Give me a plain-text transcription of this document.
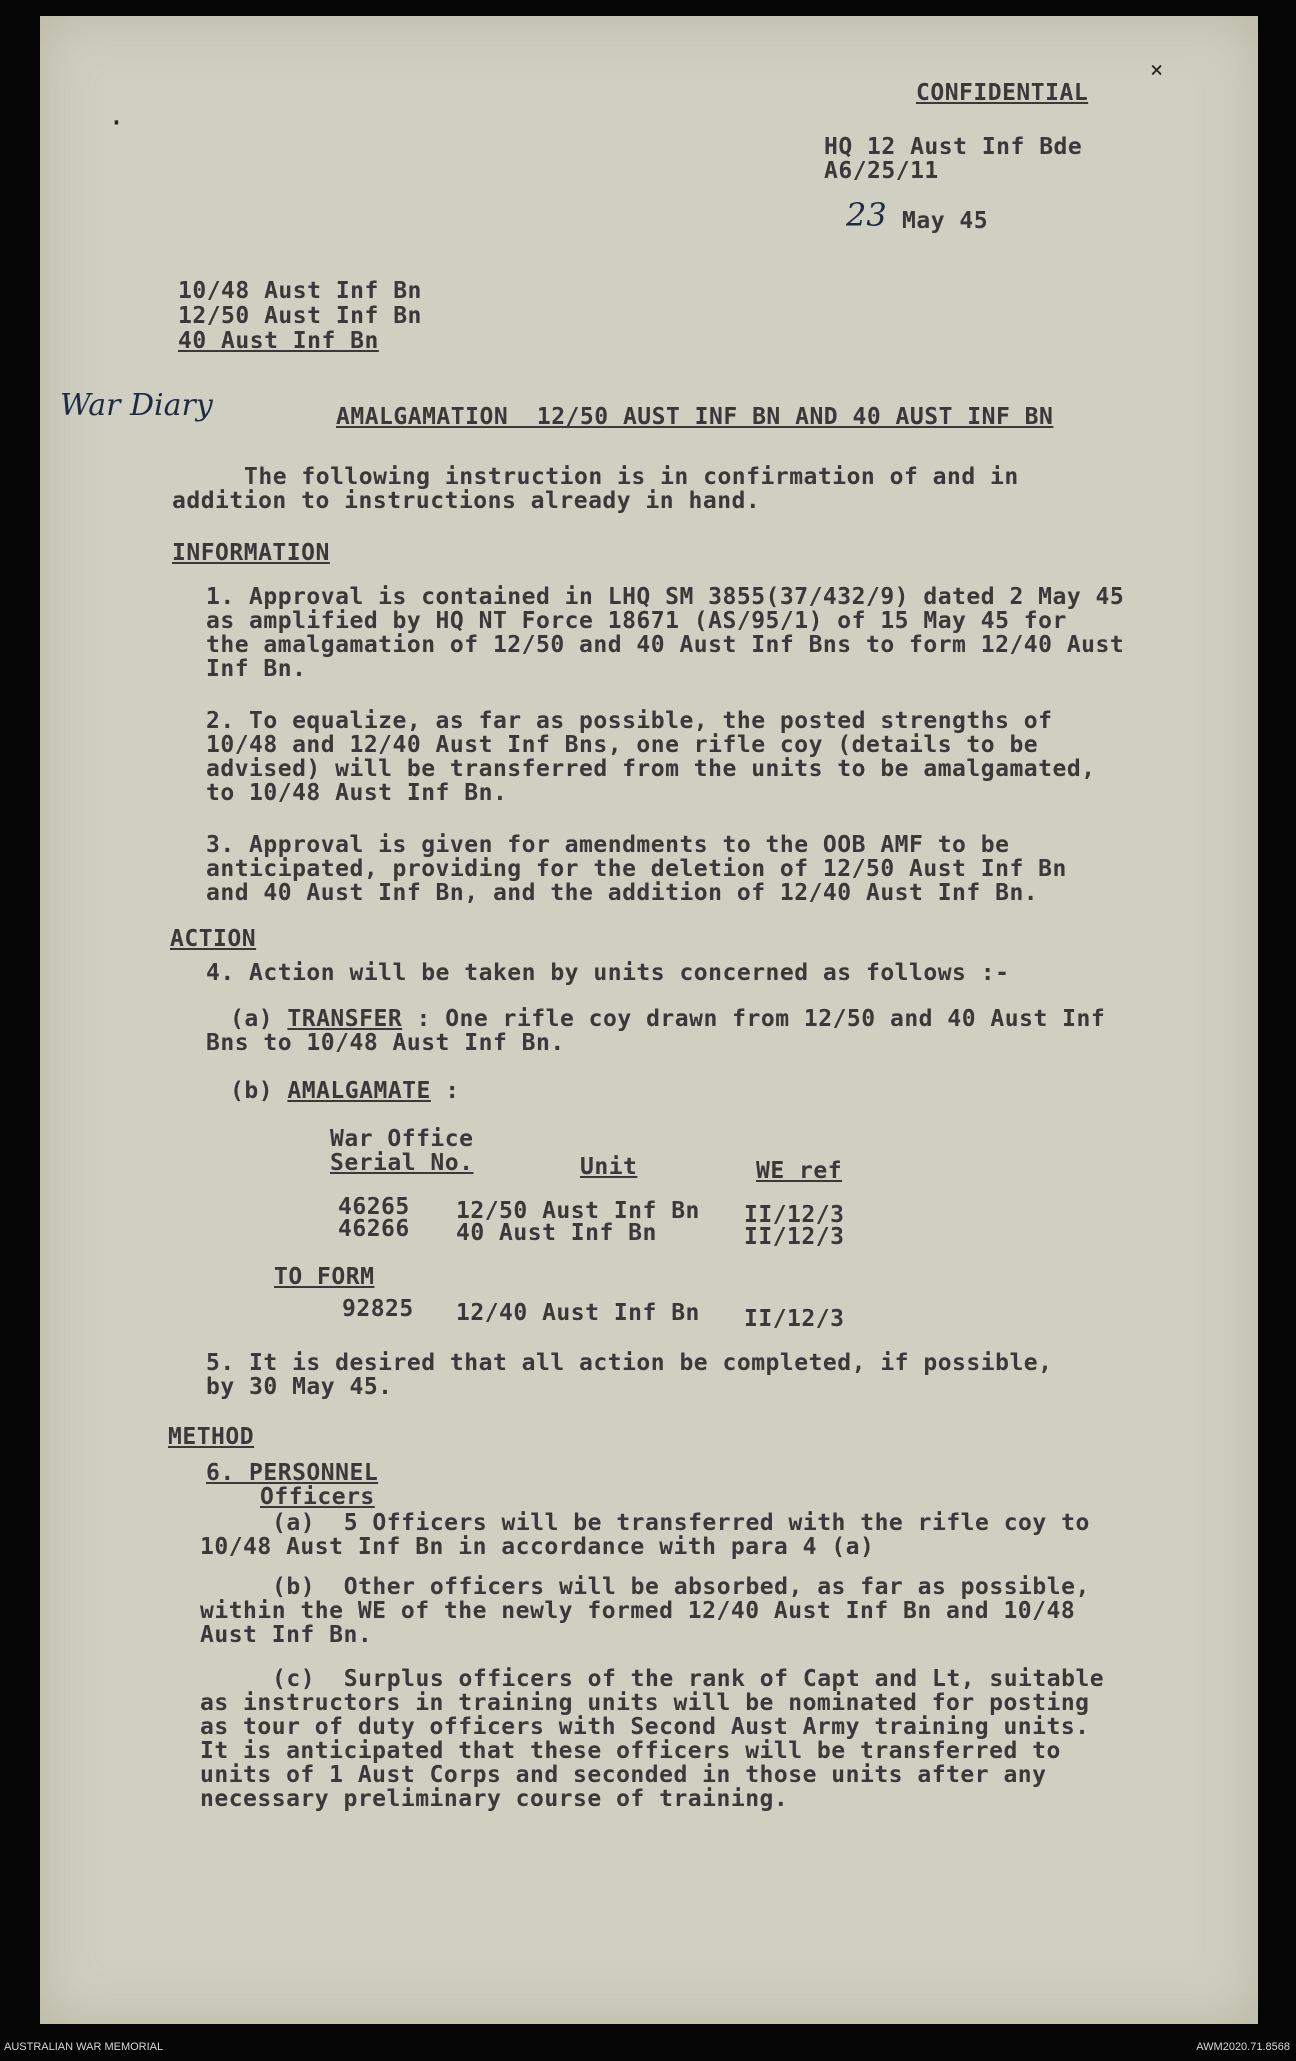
·
×
CONFIDENTIAL
HQ 12 Aust Inf Bde
A6/25/11
23 May 45
10/48 Aust Inf Bn
12/50 Aust Inf Bn
40 Aust Inf Bn
War Diary	AMALGAMATION  12/50 AUST INF BN AND 40 AUST INF BN
The following instruction is in confirmation of and in
addition to instructions already in hand.
INFORMATION
1. Approval is contained in LHQ SM 3855(37/432/9) dated 2 May 45
as amplified by HQ NT Force 18671 (AS/95/1) of 15 May 45 for
the amalgamation of 12/50 and 40 Aust Inf Bns to form 12/40 Aust
Inf Bn.
2. To equalize, as far as possible, the posted strengths of
10/48 and 12/40 Aust Inf Bns, one rifle coy (details to be
advised) will be transferred from the units to be amalgamated,
to 10/48 Aust Inf Bn.
3. Approval is given for amendments to the OOB AMF to be
anticipated, providing for the deletion of 12/50 Aust Inf Bn
and 40 Aust Inf Bn, and the addition of 12/40 Aust Inf Bn.
ACTION
4. Action will be taken by units concerned as follows :-
(a) TRANSFER : One rifle coy drawn from 12/50 and 40 Aust Inf
Bns to 10/48 Aust Inf Bn.
(b) AMALGAMATE :
War Office
Serial No.	Unit	WE ref
46265 12/50 Aust Inf Bn II/12/3
46266 40 Aust Inf Bn	II/12/3
TO FORM
92825 12/40 Aust Inf Bn II/12/3
5. It is desired that all action be completed, if possible,
by 30 May 45.
METHOD
6. PERSONNEL
Officers
(a)  5 Officers will be transferred with the rifle coy to
10/48 Aust Inf Bn in accordance with para 4 (a)
(b)  Other officers will be absorbed, as far as possible,
within the WE of the newly formed 12/40 Aust Inf Bn and 10/48
Aust Inf Bn.
(c)  Surplus officers of the rank of Capt and Lt, suitable
as instructors in training units will be nominated for posting
as tour of duty officers with Second Aust Army training units.
It is anticipated that these officers will be transferred to
units of 1 Aust Corps and seconded in those units after any
necessary preliminary course of training.
AUSTRALIAN WAR MEMORIAL	AWM2020.71.8568
